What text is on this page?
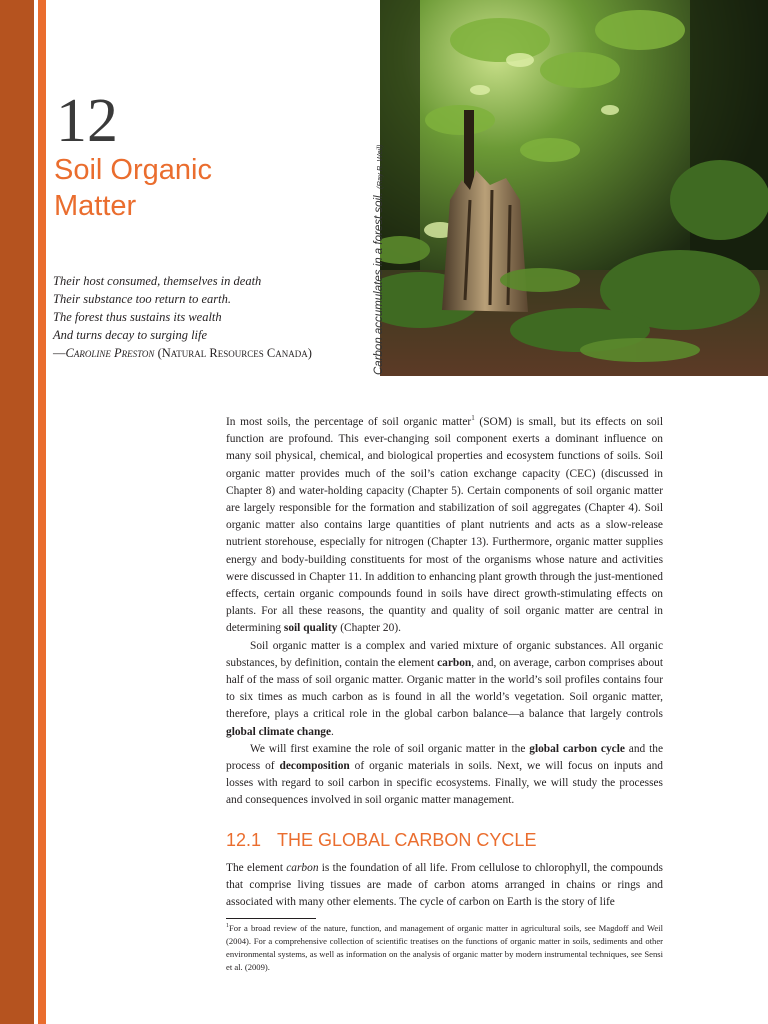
12
Soil Organic
Matter
Their host consumed, themselves in death
Their substance too return to earth.
The forest thus sustains its wealth
And turns decay to surging life
—Caroline Preston (Natural Resources Canada)	Carbon accumulates in a forest soil. (Ray R. Weil)

In most soils, the percentage of soil organic matter$^1$ (SOM) is small, but its effects on soil function are profound. This ever-changing soil component exerts a dominant influence on many soil physical, chemical, and biological properties and ecosystem functions of soils. Soil organic matter provides much of the soil’s cation exchange capacity (CEC) (discussed in Chapter 8) and water-holding capacity (Chapter 5). Certain components of soil organic matter are largely responsible for the formation and stabilization of soil aggregates (Chapter 4). Soil organic matter also contains large quantities of plant nutrients and acts as a slow-release nutrient storehouse, especially for nitrogen (Chapter 13). Furthermore, organic matter supplies energy and body-building constituents for most of the organisms whose nature and activities were discussed in Chapter 11. In addition to enhancing plant growth through the just-mentioned effects, certain organic compounds found in soils have direct growth-stimulating effects on plants. For all these reasons, the quantity and quality of soil organic matter are central in determining soil quality (Chapter 20).

Soil organic matter is a complex and varied mixture of organic substances. All organic substances, by definition, contain the element carbon, and, on average, carbon comprises about half of the mass of soil organic matter. Organic matter in the world’s soil profiles contains four to six times as much carbon as is found in all the world’s vegetation. Soil organic matter, therefore, plays a critical role in the global carbon balance—a balance that largely controls global climate change.

We will first examine the role of soil organic matter in the global carbon cycle and the process of decomposition of organic materials in soils. Next, we will focus on inputs and losses with regard to soil carbon in specific ecosystems. Finally, we will study the processes and consequences involved in soil organic matter management.

12.1 THE GLOBAL CARBON CYCLE

The element carbon is the foundation of all life. From cellulose to chlorophyll, the compounds that comprise living tissues are made of carbon atoms arranged in chains or rings and associated with many other elements. The cycle of carbon on Earth is the story of life

$^1$For a broad review of the nature, function, and management of organic matter in agricultural soils, see Magdoff and Weil (2004). For a comprehensive collection of scientific treatises on the functions of organic matter in soils, sediments and other environmental systems, as well as information on the analysis of organic matter by modern instrumental techniques, see Sensi et al. (2009).
